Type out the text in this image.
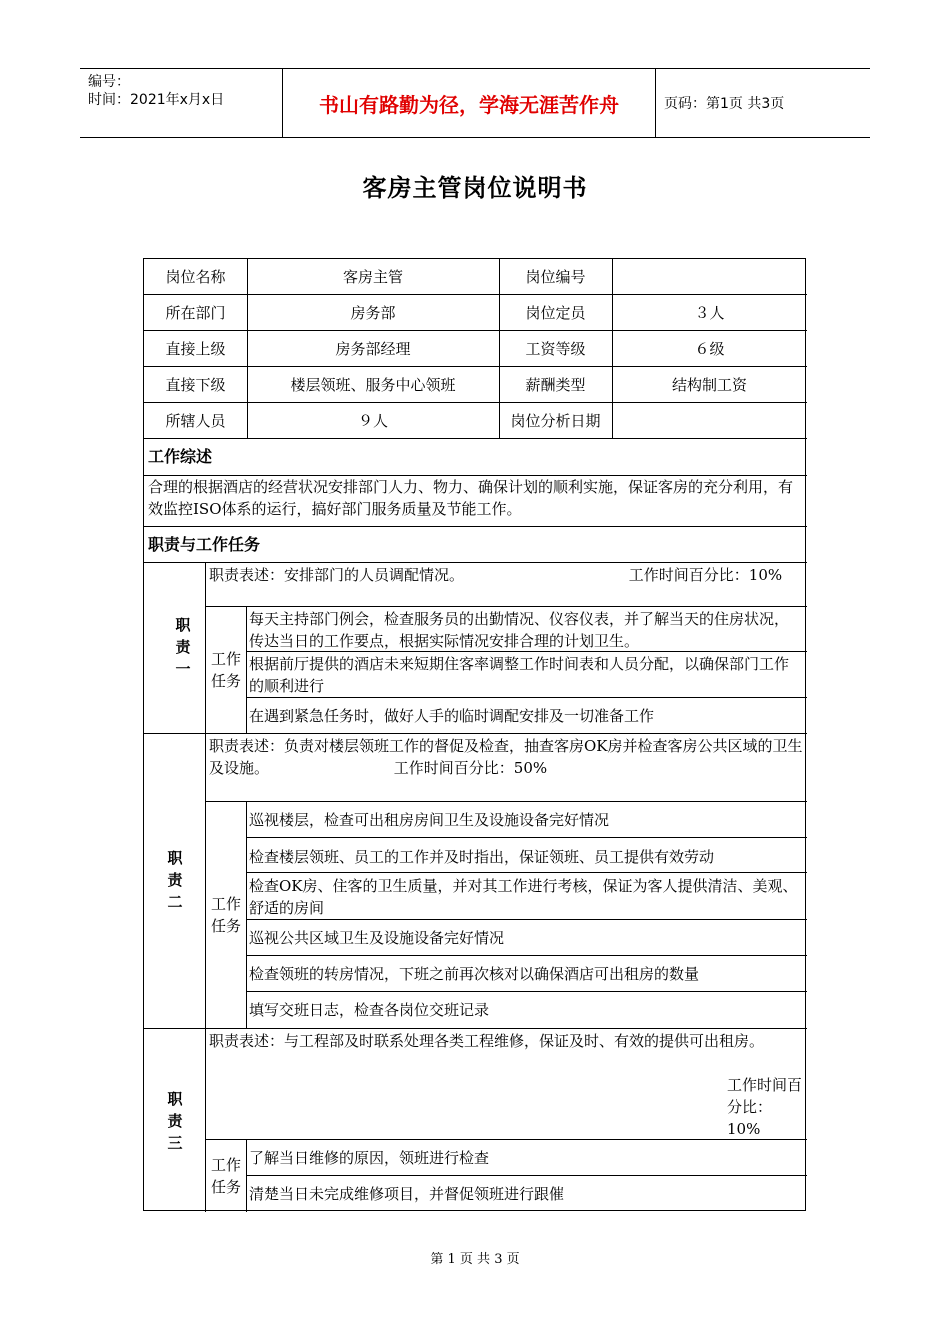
编号：
时间：2021年x月x日	书山有路勤为径，学海无涯苦作舟	页码：第1页 共3页
客房主管岗位说明书
岗位名称	客房主管	岗位编号
所在部门	房务部	岗位定员	３人
直接上级	房务部经理	工资等级	６级
直接下级	楼层领班、服务中心领班	薪酬类型	结构制工资
所辖人员	９人	岗位分析日期
工作综述
合理的根据酒店的经营状况安排部门人力、物力、确保计划的顺利实施，保证客房的充分利用，有效监控ISO体系的运行，搞好部门服务质量及节能工作。
职责与工作任务
职责一
职责表述：安排部门的人员调配情况。	工作时间百分比：10%
工作任务
每天主持部门例会，检查服务员的出勤情况、仪容仪表，并了解当天的住房状况，传达当日的工作要点，根据实际情况安排合理的计划卫生。
根据前厅提供的酒店未来短期住客率调整工作时间表和人员分配，以确保部门工作的顺利进行
在遇到紧急任务时，做好人手的临时调配安排及一切准备工作
职责二
职责表述：负责对楼层领班工作的督促及检查，抽查客房OK房并检查客房公共区域的卫生及设施。	工作时间百分比：50%
工作任务
巡视楼层，检查可出租房房间卫生及设施设备完好情况
检查楼层领班、员工的工作并及时指出，保证领班、员工提供有效劳动
检查OK房、住客的卫生质量，并对其工作进行考核，保证为客人提供清洁、美观、舒适的房间
巡视公共区域卫生及设施设备完好情况
检查领班的转房情况，下班之前再次核对以确保酒店可出租房的数量
填写交班日志，检查各岗位交班记录
职责三
职责表述：与工程部及时联系处理各类工程维修，保证及时、有效的提供可出租房。
工作时间百分比：10%
工作任务
了解当日维修的原因，领班进行检查
清楚当日未完成维修项目，并督促领班进行跟催
第 1 页 共 3 页
